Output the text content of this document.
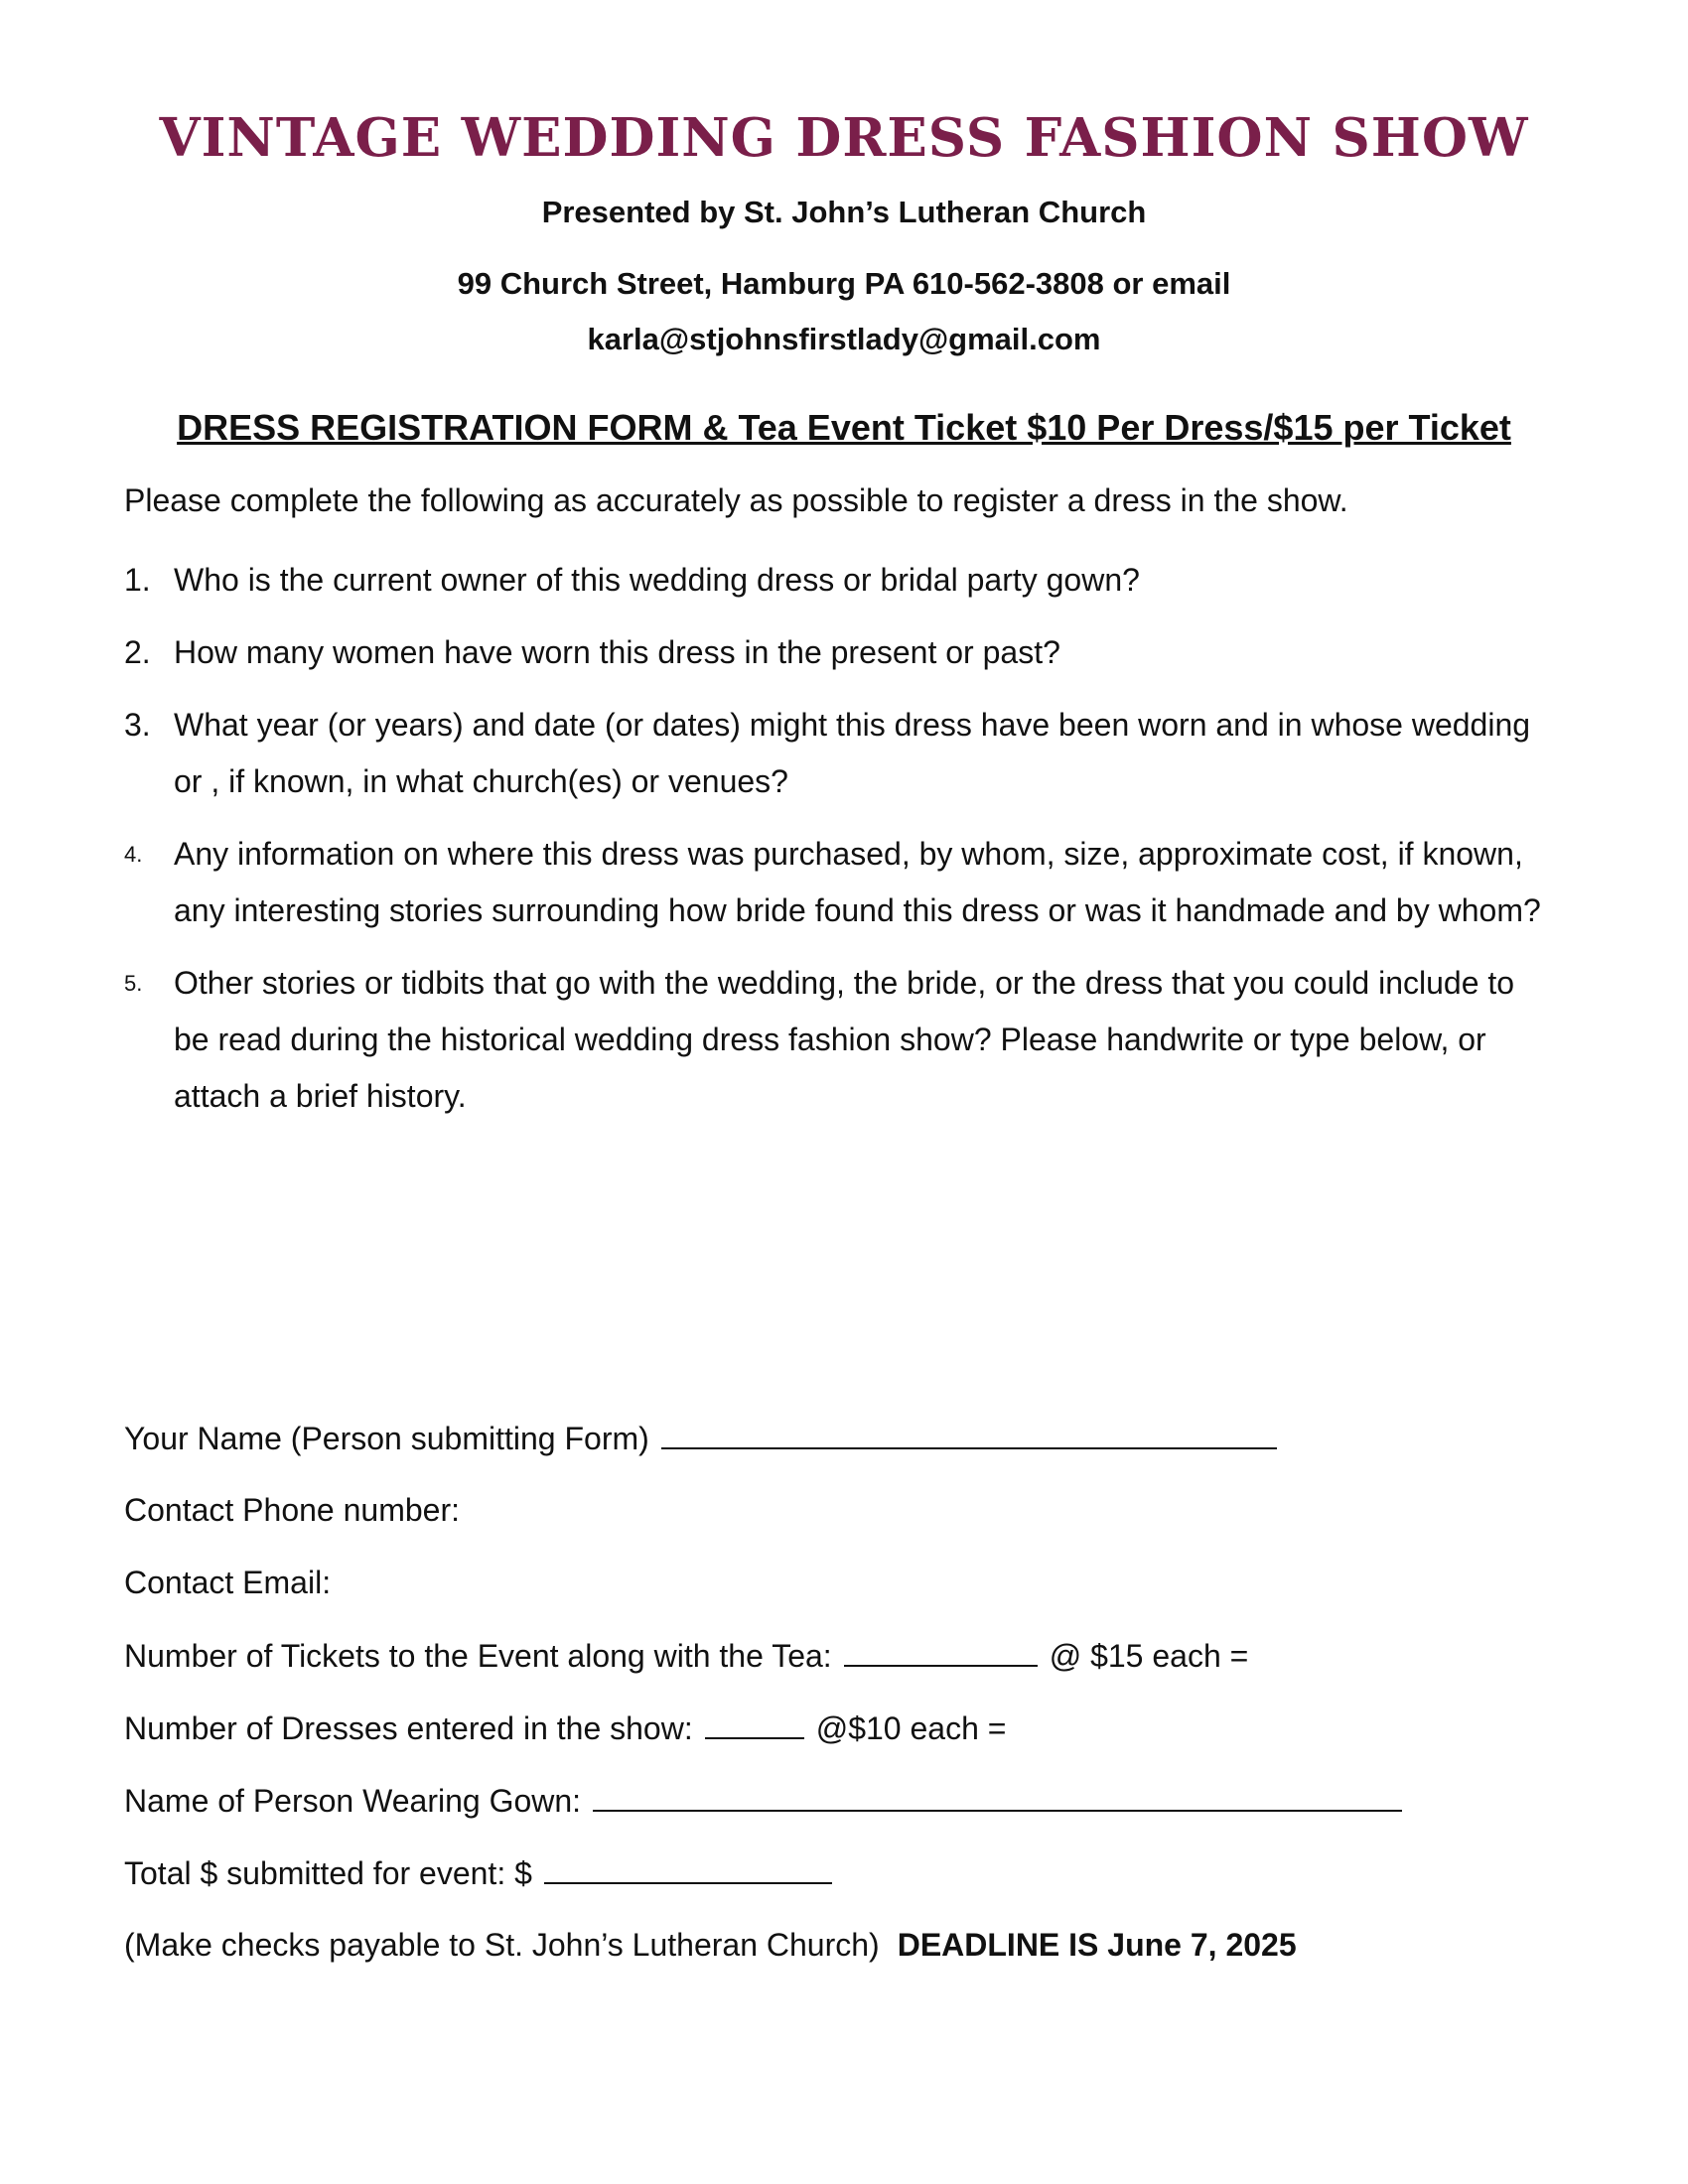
VINTAGE WEDDING DRESS FASHION SHOW
Presented by St. John’s Lutheran Church
99 Church Street, Hamburg PA 610-562-3808 or email
karla@stjohnsfirstlady@gmail.com
DRESS REGISTRATION FORM & Tea Event Ticket $10 Per Dress/$15 per Ticket
Please complete the following as accurately as possible to register a dress in the show.
1. Who is the current owner of this wedding dress or bridal party gown?
2. How many women have worn this dress in the present or past?
3. What year (or years) and date (or dates) might this dress have been worn and in whose wedding or , if known, in what church(es) or venues?
4. Any information on where this dress was purchased, by whom, size, approximate cost, if known, any interesting stories surrounding how bride found this dress or was it handmade and by whom?
5. Other stories or tidbits that go with the wedding, the bride, or the dress that you could include to be read during the historical wedding dress fashion show? Please handwrite or type below, or attach a brief history.
Your Name (Person submitting Form)
Contact Phone number:
Contact Email:
Number of Tickets to the Event along with the Tea:	@ $15 each =
Number of Dresses entered in the show:	@$10 each =
Name of Person Wearing Gown:
Total $ submitted for event: $
(Make checks payable to St. John’s Lutheran Church) DEADLINE IS June 7, 2025
